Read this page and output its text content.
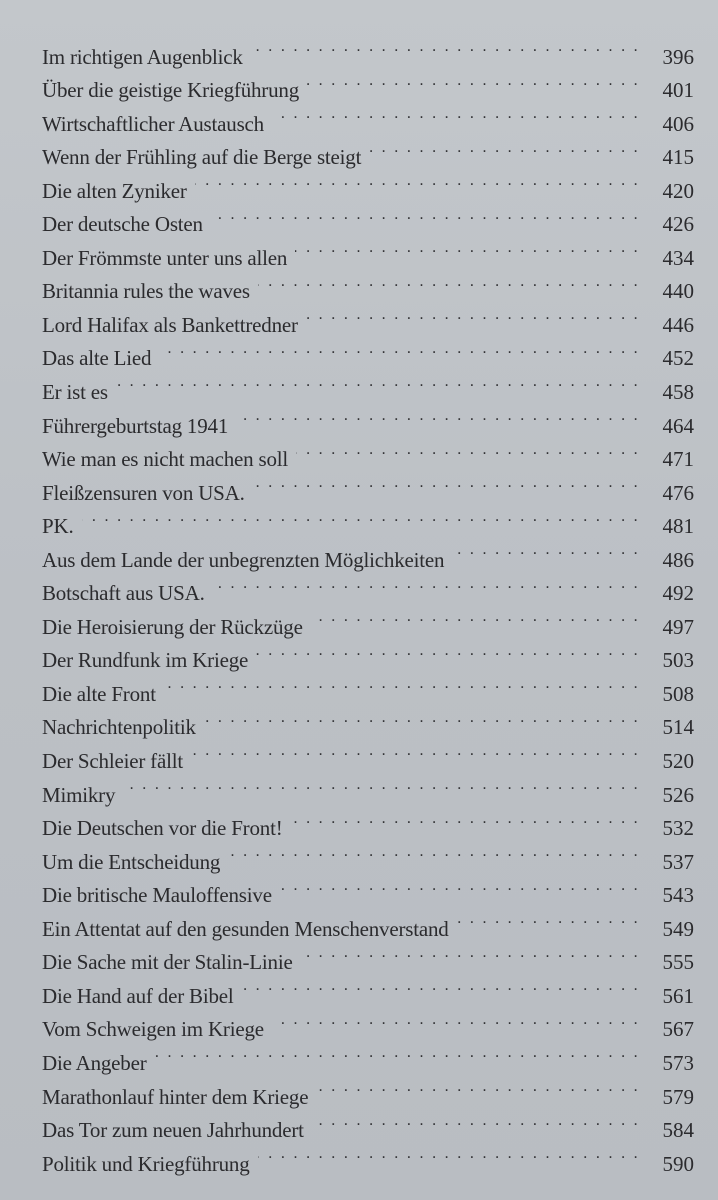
Im richtigen Augenblick . . .	396
Über die geistige Kriegführung . . .	401
Wirtschaftlicher Austausch . . .	406
Wenn der Frühling auf die Berge steigt . . .	415
Die alten Zyniker . . .	420
Der deutsche Osten . . .	426
Der Frömmste unter uns allen . . .	434
Britannia rules the waves . . .	440
Lord Halifax als Bankettredner . . .	446
Das alte Lied . . .	452
Er ist es . . .	458
Führergeburtstag 1941 . . .	464
Wie man es nicht machen soll . . .	471
Fleißzensuren von USA. . . .	476
PK. . . .	481
Aus dem Lande der unbegrenzten Möglichkeiten . . .	486
Botschaft aus USA. . . .	492
Die Heroisierung der Rückzüge . . .	497
Der Rundfunk im Kriege . . .	503
Die alte Front . . .	508
Nachrichtenpolitik . . .	514
Der Schleier fällt . . .	520
Mimikry . . .	526
Die Deutschen vor die Front! . . .	532
Um die Entscheidung . . .	537
Die britische Mauloffensive . . .	543
Ein Attentat auf den gesunden Menschenverstand . . .	549
Die Sache mit der Stalin-Linie . . .	555
Die Hand auf der Bibel . . .	561
Vom Schweigen im Kriege . . .	567
Die Angeber . . .	573
Marathonlauf hinter dem Kriege . . .	579
Das Tor zum neuen Jahrhundert . . .	584
Politik und Kriegführung . . .	590
